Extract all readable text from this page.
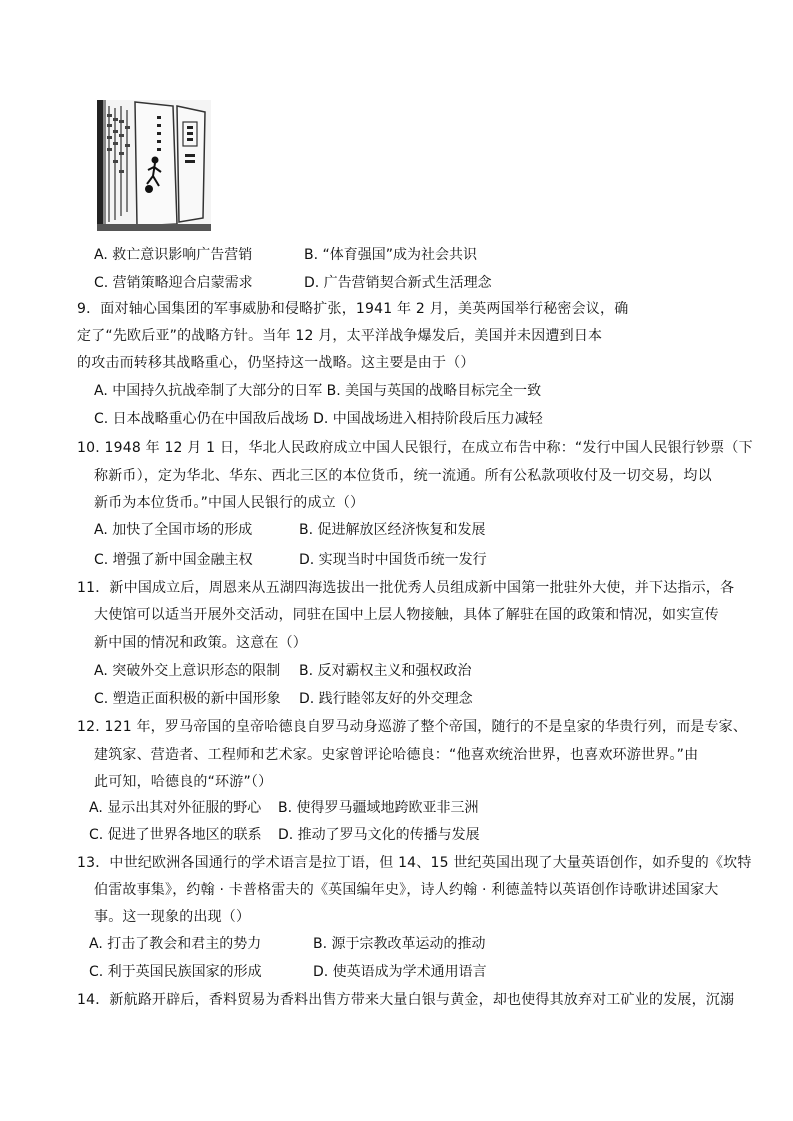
A. 救亡意识影响广告营销	B. “体育强国”成为社会共识
C. 营销策略迎合启蒙需求	D. 广告营销契合新式生活理念
9．面对轴心国集团的军事威胁和侵略扩张，1941 年 2 月，美英两国举行秘密会议，确
定了“先欧后亚”的战略方针。当年 12 月，太平洋战争爆发后，美国并未因遭到日本
的攻击而转移其战略重心，仍坚持这一战略。这主要是由于（）
A. 中国持久抗战牵制了大部分的日军 B. 美国与英国的战略目标完全一致
C. 日本战略重心仍在中国敌后战场 D. 中国战场进入相持阶段后压力减轻
10. 1948 年 12 月 1 日，华北人民政府成立中国人民银行，在成立布告中称：“发行中国人民银行钞票（下
称新币），定为华北、华东、西北三区的本位货币，统一流通。所有公私款项收付及一切交易，均以
新币为本位货币。”中国人民银行的成立（）
A. 加快了全国市场的形成	B. 促进解放区经济恢复和发展
C. 增强了新中国金融主权	D. 实现当时中国货币统一发行
11．新中国成立后，周恩来从五湖四海选拔出一批优秀人员组成新中国第一批驻外大使，并下达指示，各
大使馆可以适当开展外交活动，同驻在国中上层人物接触，具体了解驻在国的政策和情况，如实宣传
新中国的情况和政策。这意在（）
A. 突破外交上意识形态的限制 B. 反对霸权主义和强权政治
C. 塑造正面积极的新中国形象 D. 践行睦邻友好的外交理念
12. 121 年，罗马帝国的皇帝哈德良自罗马动身巡游了整个帝国，随行的不是皇家的华贵行列，而是专家、
建筑家、营造者、工程师和艺术家。史家曾评论哈德良：“他喜欢统治世界，也喜欢环游世界。”由
此可知，哈德良的“环游”（）
A. 显示出其对外征服的野心 B. 使得罗马疆域地跨欧亚非三洲
C. 促进了世界各地区的联系 D. 推动了罗马文化的传播与发展
13．中世纪欧洲各国通行的学术语言是拉丁语，但 14、15 世纪英国出现了大量英语创作，如乔叟的《坎特
伯雷故事集》，约翰 · 卡普格雷夫的《英国编年史》，诗人约翰 · 利德盖特以英语创作诗歌讲述国家大
事。这一现象的出现（）
A. 打击了教会和君主的势力	B. 源于宗教改革运动的推动
C. 利于英国民族国家的形成	D. 使英语成为学术通用语言
14．新航路开辟后，香料贸易为香料出售方带来大量白银与黄金，却也使得其放弃对工矿业的发展，沉溺
